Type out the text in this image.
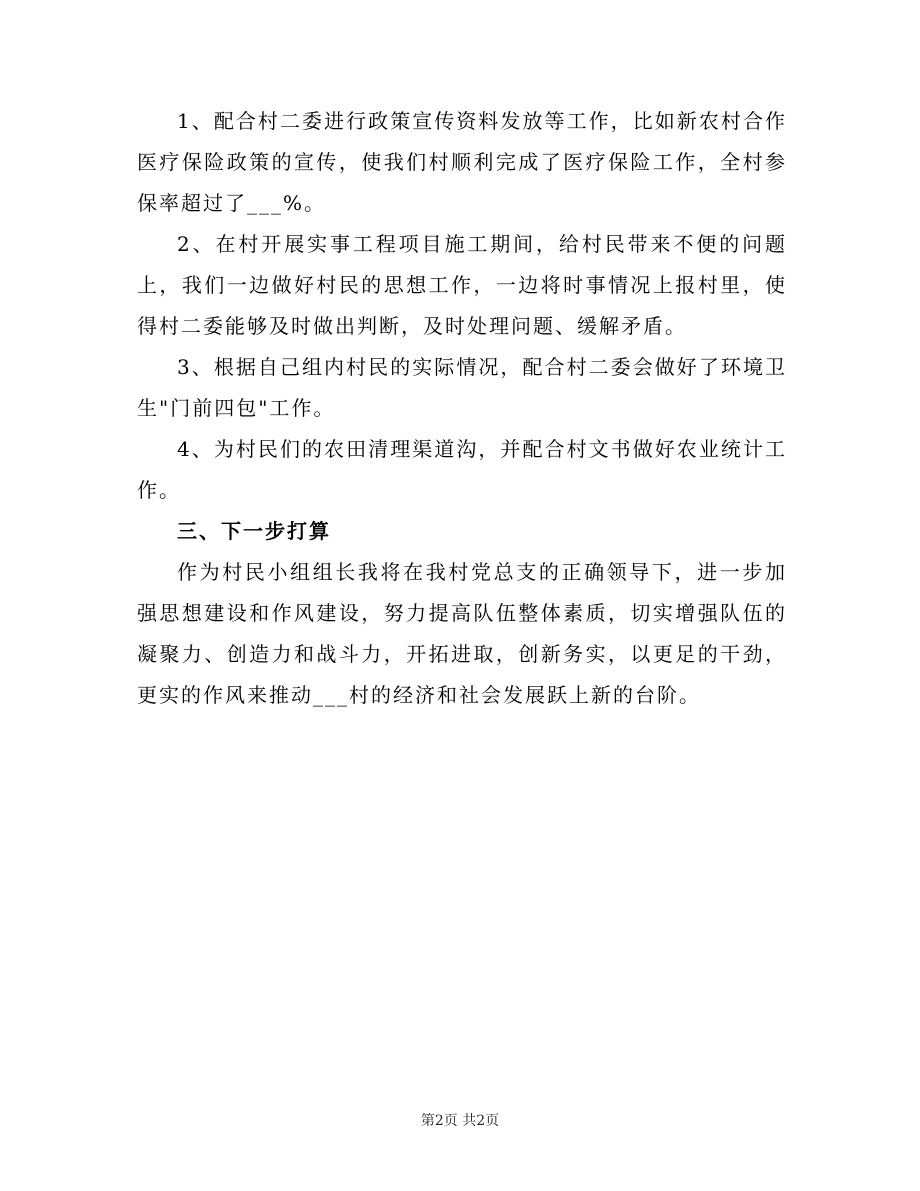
1、配合村二委进行政策宣传资料发放等工作，比如新农村合作医疗保险政策的宣传，使我们村顺利完成了医疗保险工作，全村参保率超过了___%。

2、在村开展实事工程项目施工期间，给村民带来不便的问题上，我们一边做好村民的思想工作，一边将时事情况上报村里，使得村二委能够及时做出判断，及时处理问题、缓解矛盾。

3、根据自己组内村民的实际情况，配合村二委会做好了环境卫生"门前四包"工作。

4、为村民们的农田清理渠道沟，并配合村文书做好农业统计工作。

三、下一步打算

作为村民小组组长我将在我村党总支的正确领导下，进一步加强思想建设和作风建设，努力提高队伍整体素质，切实增强队伍的凝聚力、创造力和战斗力，开拓进取，创新务实，以更足的干劲，更实的作风来推动___村的经济和社会发展跃上新的台阶。

第2页 共2页
